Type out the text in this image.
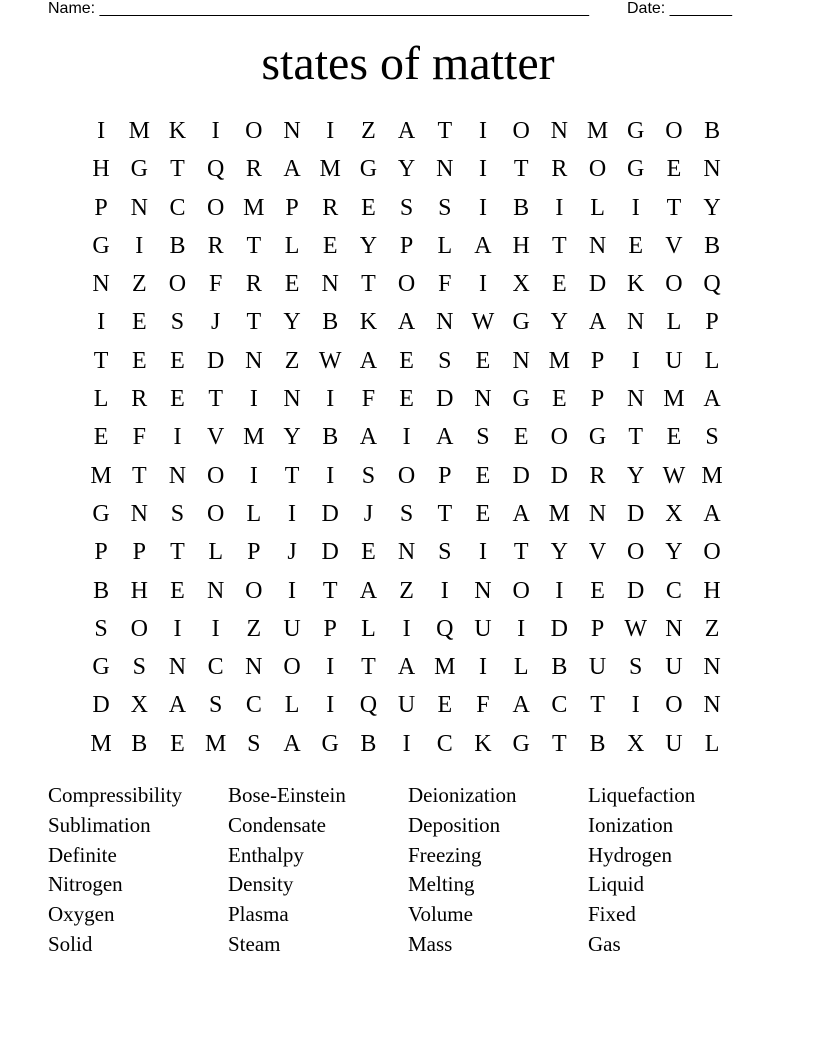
Name: _______________________________________________________ Date: _______
states of matter
I M K	I	O N	I	Z A T	I	O N M G O B
H G T Q R A M G Y N	I	T R O G E N
P N C O M P R E	S	S	I	B	I	L	I	T Y
G	I	B R T L E Y P	L A H T N E V B
N Z O F R E N T O F	I	X E D K O Q
I	E	S	J	T Y B K A N W G Y A N L	P
T E E D N Z W A E	S	E N M P	I	U L
L R E T	I	N	I	F	E D N G E	P N M A
E	F	I	V M Y B A	I	A S	E O G T E	S
M T N O	I	T	I	S O P	E D D R Y W M
G N S O L	I	D	J	S	T E A M N D X A
P	P	T L	P	J	D E N S	I	T Y V O Y O
B H E N O	I	T A Z	I	N O	I	E D C H
S O	I	I	Z U P	L	I	Q U	I	D P W N Z
G S N C N O	I	T A M I	L B U S U N
D X A S C L	I	Q U E	F A C T	I	O N
M B E M S A G B	I	C K G T B X U L
Compressibility	Bose-Einstein	Deionization	Liquefaction
Sublimation	Condensate	Deposition	Ionization
Definite	Enthalpy	Freezing	Hydrogen
Nitrogen	Density	Melting	Liquid
Oxygen	Plasma	Volume	Fixed
Solid	Steam	Mass	Gas
